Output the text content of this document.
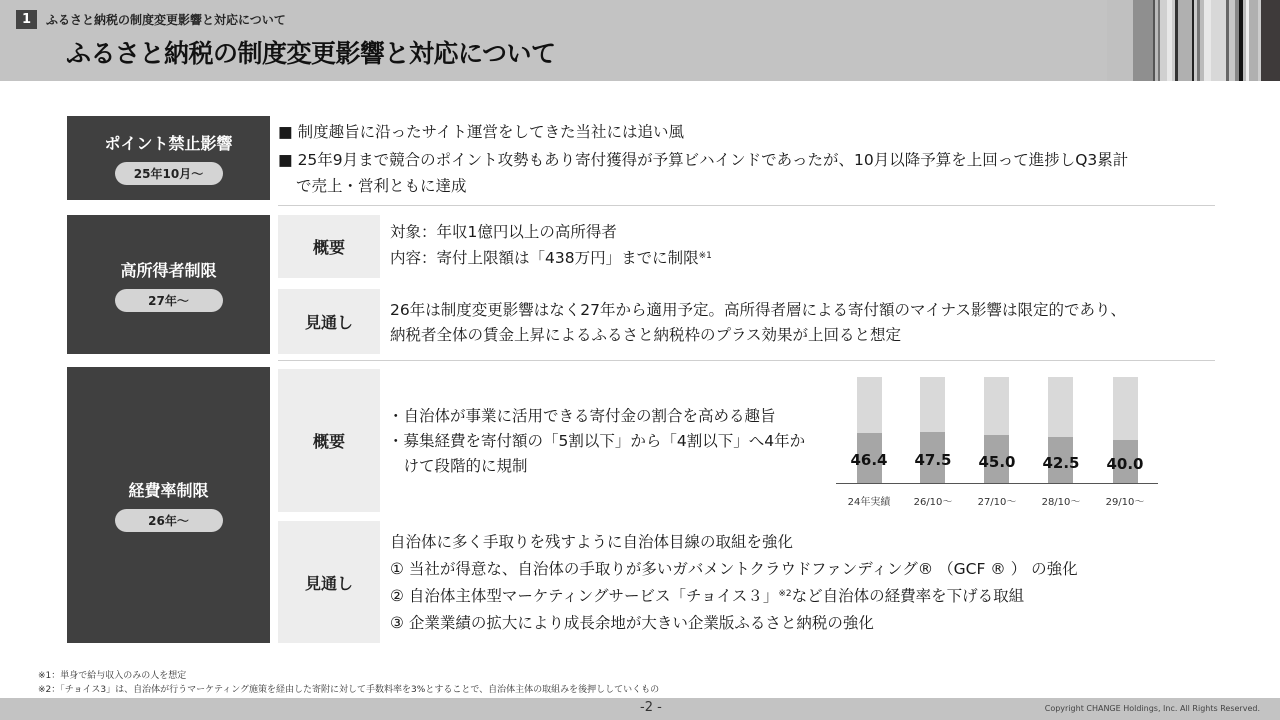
1	ふるさと納税の制度変更影響と対応について
ふるさと納税の制度変更影響と対応について
ポイント禁止影響
25年10月～
■ 制度趣旨に沿ったサイト運営をしてきた当社には追い風
■ 25年9月まで競合のポイント攻勢もあり寄付獲得が予算ビハインドであったが、10月以降予算を上回って進捗しQ3累計
で売上・営利ともに達成
高所得者制限
27年～
概要
対象：年収1億円以上の高所得者
内容：寄付上限額は「438万円」までに制限$^{※1}$
見通し
26年は制度変更影響はなく27年から適用予定。高所得者層による寄付額のマイナス影響は限定的であり、
納税者全体の賃金上昇によるふるさと納税枠のプラス効果が上回ると想定
経費率制限
26年～
概要
・自治体が事業に活用できる寄付金の割合を高める趣旨
・募集経費を寄付額の「5割以下」から「4割以下」へ4年か
　けて段階的に規制	46.4	47.5	45.0	42.5	40.0
24年実績	26/10～	27/10～	28/10～	29/10～
見通し
自治体に多く手取りを残すように自治体目線の取組を強化
① 当社が得意な、自治体の手取りが多いガバメントクラウドファンディング® （GCF ® ） の強化
② 自治体主体型マーケティングサービス「チョイス３」$^{※2}$など自治体の経費率を下げる取組
③ 企業業績の拡大により成長余地が大きい企業版ふるさと納税の強化
※1：単身で給与収入のみの人を想定
※2：「チョイス3」は、自治体が行うマーケティング施策を経由した寄附に対して手数料率を3%とすることで、自治体主体の取組みを後押ししていくもの
-2 -	Copyright CHANGE Holdings, Inc. All Rights Reserved.
